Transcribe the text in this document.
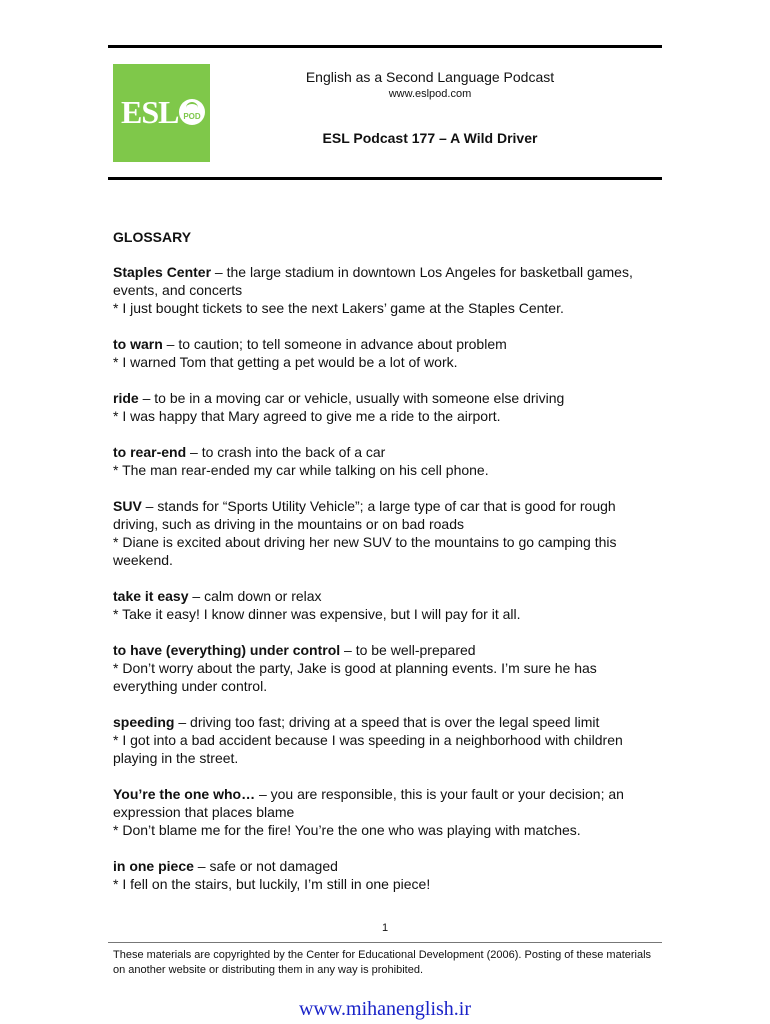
ESL POD
English as a Second Language Podcast
www.eslpod.com
ESL Podcast 177 – A Wild Driver
GLOSSARY

Staples Center – the large stadium in downtown Los Angeles for basketball games, events, and concerts

* I just bought tickets to see the next Lakers’ game at the Staples Center.

to warn – to caution; to tell someone in advance about problem

* I warned Tom that getting a pet would be a lot of work.

ride – to be in a moving car or vehicle, usually with someone else driving

* I was happy that Mary agreed to give me a ride to the airport.

to rear-end – to crash into the back of a car

* The man rear-ended my car while talking on his cell phone.

SUV – stands for “Sports Utility Vehicle”; a large type of car that is good for rough driving, such as driving in the mountains or on bad roads

* Diane is excited about driving her new SUV to the mountains to go camping this weekend.

take it easy – calm down or relax

* Take it easy! I know dinner was expensive, but I will pay for it all.

to have (everything) under control – to be well-prepared

* Don’t worry about the party, Jake is good at planning events. I’m sure he has everything under control.

speeding – driving too fast; driving at a speed that is over the legal speed limit

* I got into a bad accident because I was speeding in a neighborhood with children playing in the street.

You’re the one who… – you are responsible, this is your fault or your decision; an expression that places blame

* Don’t blame me for the fire! You’re the one who was playing with matches.

in one piece – safe or not damaged

* I fell on the stairs, but luckily, I’m still in one piece!

1
These materials are copyrighted by the Center for Educational Development (2006). Posting of these materials on another website or distributing them in any way is prohibited.
www.mihanenglish.ir
